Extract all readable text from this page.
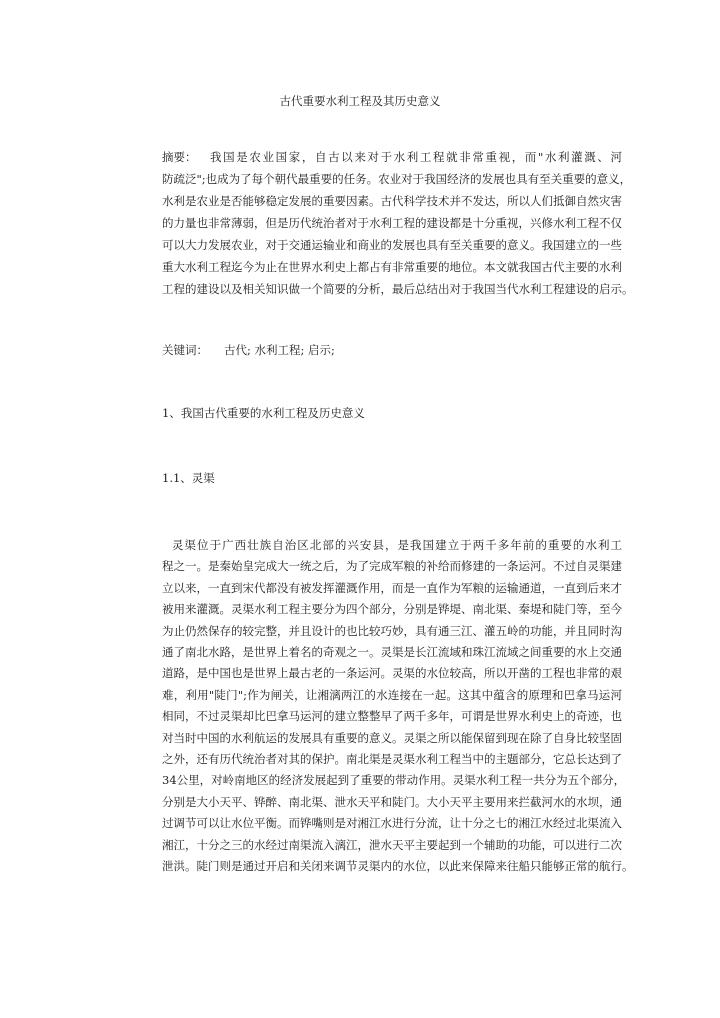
古代重要水利工程及其历史意义
摘要： 我国是农业国家，自古以来对于水利工程就非常重视，而"水利灌溉、河
防疏泛";也成为了每个朝代最重要的任务。农业对于我国经济的发展也具有至关重要的意义，
水利是农业是否能够稳定发展的重要因素。古代科学技术并不发达，所以人们抵御自然灾害
的力量也非常薄弱，但是历代统治者对于水利工程的建设都是十分重视，兴修水利工程不仅
可以大力发展农业，对于交通运输业和商业的发展也具有至关重要的意义。我国建立的一些
重大水利工程迄今为止在世界水利史上都占有非常重要的地位。本文就我国古代主要的水利
工程的建设以及相关知识做一个简要的分析，最后总结出对于我国当代水利工程建设的启示。
关键词： 古代; 水利工程; 启示;
1、我国古代重要的水利工程及历史意义
1.1、灵渠
灵渠位于广西壮族自治区北部的兴安县，是我国建立于两千多年前的重要的水利工
程之一。是秦始皇完成大一统之后，为了完成军粮的补给而修建的一条运河。不过自灵渠建
立以来，一直到宋代都没有被发挥灌溉作用，而是一直作为军粮的运输通道，一直到后来才
被用来灌溉。灵渠水利工程主要分为四个部分，分别是铧堤、南北渠、秦堤和陡门等，至今
为止仍然保存的较完整，并且设计的也比较巧妙，具有通三江、灌五岭的功能，并且同时沟
通了南北水路，是世界上着名的奇观之一。灵渠是长江流域和珠江流域之间重要的水上交通
道路，是中国也是世界上最古老的一条运河。灵渠的水位较高，所以开凿的工程也非常的艰
难，利用"陡门";作为闸关，让湘漓两江的水连接在一起。这其中蕴含的原理和巴拿马运河
相同，不过灵渠却比巴拿马运河的建立整整早了两千多年，可谓是世界水利史上的奇迹，也
对当时中国的水利航运的发展具有重要的意义。灵渠之所以能保留到现在除了自身比较坚固
之外，还有历代统治者对其的保护。南北渠是灵渠水利工程当中的主题部分，它总长达到了
34公里，对岭南地区的经济发展起到了重要的带动作用。灵渠水利工程一共分为五个部分，
分别是大小天平、铧醉、南北渠、泄水天平和陡门。大小天平主要用来拦截河水的水坝，通
过调节可以让水位平衡。而铧嘴则是对湘江水进行分流，让十分之七的湘江水经过北渠流入
湘江，十分之三的水经过南渠流入漓江，泄水天平主要起到一个辅助的功能，可以进行二次
泄洪。陡门则是通过开启和关闭来调节灵渠内的水位，以此来保障来往船只能够正常的航行。
